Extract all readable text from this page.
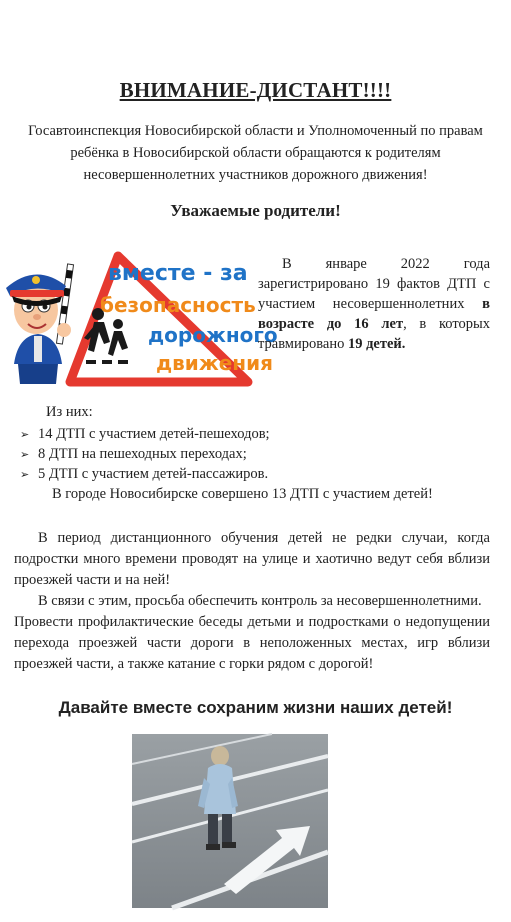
ВНИМАНИЕ-ДИСТАНТ!!!!
Госавтоинспекция Новосибирской области и Уполномоченный по правам ребёнка в Новосибирской области обращаются к родителям несовершеннолетних участников дорожного движения!
Уважаемые родители!
вместе - за
безопасность
дорожного
движения
В январе 2022 года зарегистрировано 19 фактов ДТП с участием несовершеннолетних в возрасте до 16 лет, в которых травмировано 19 детей.
Из них:
➢ 14 ДТП с участием детей-пешеходов;
➢ 8 ДТП на пешеходных переходах;
➢ 5 ДТП с участием детей-пассажиров.
В городе Новосибирске совершено 13 ДТП с участием детей!
В период дистанционного обучения детей не редки случаи, когда подростки много времени проводят на улице и хаотично ведут себя вблизи проезжей части и на ней!
В связи с этим, просьба обеспечить контроль за несовершеннолетними.
Провести профилактические беседы детьми и подростками о недопущении перехода проезжей части дороги в неположенных местах, игр вблизи проезжей части, а также катание с горки рядом с дорогой!
Давайте вместе сохраним жизни наших детей!
